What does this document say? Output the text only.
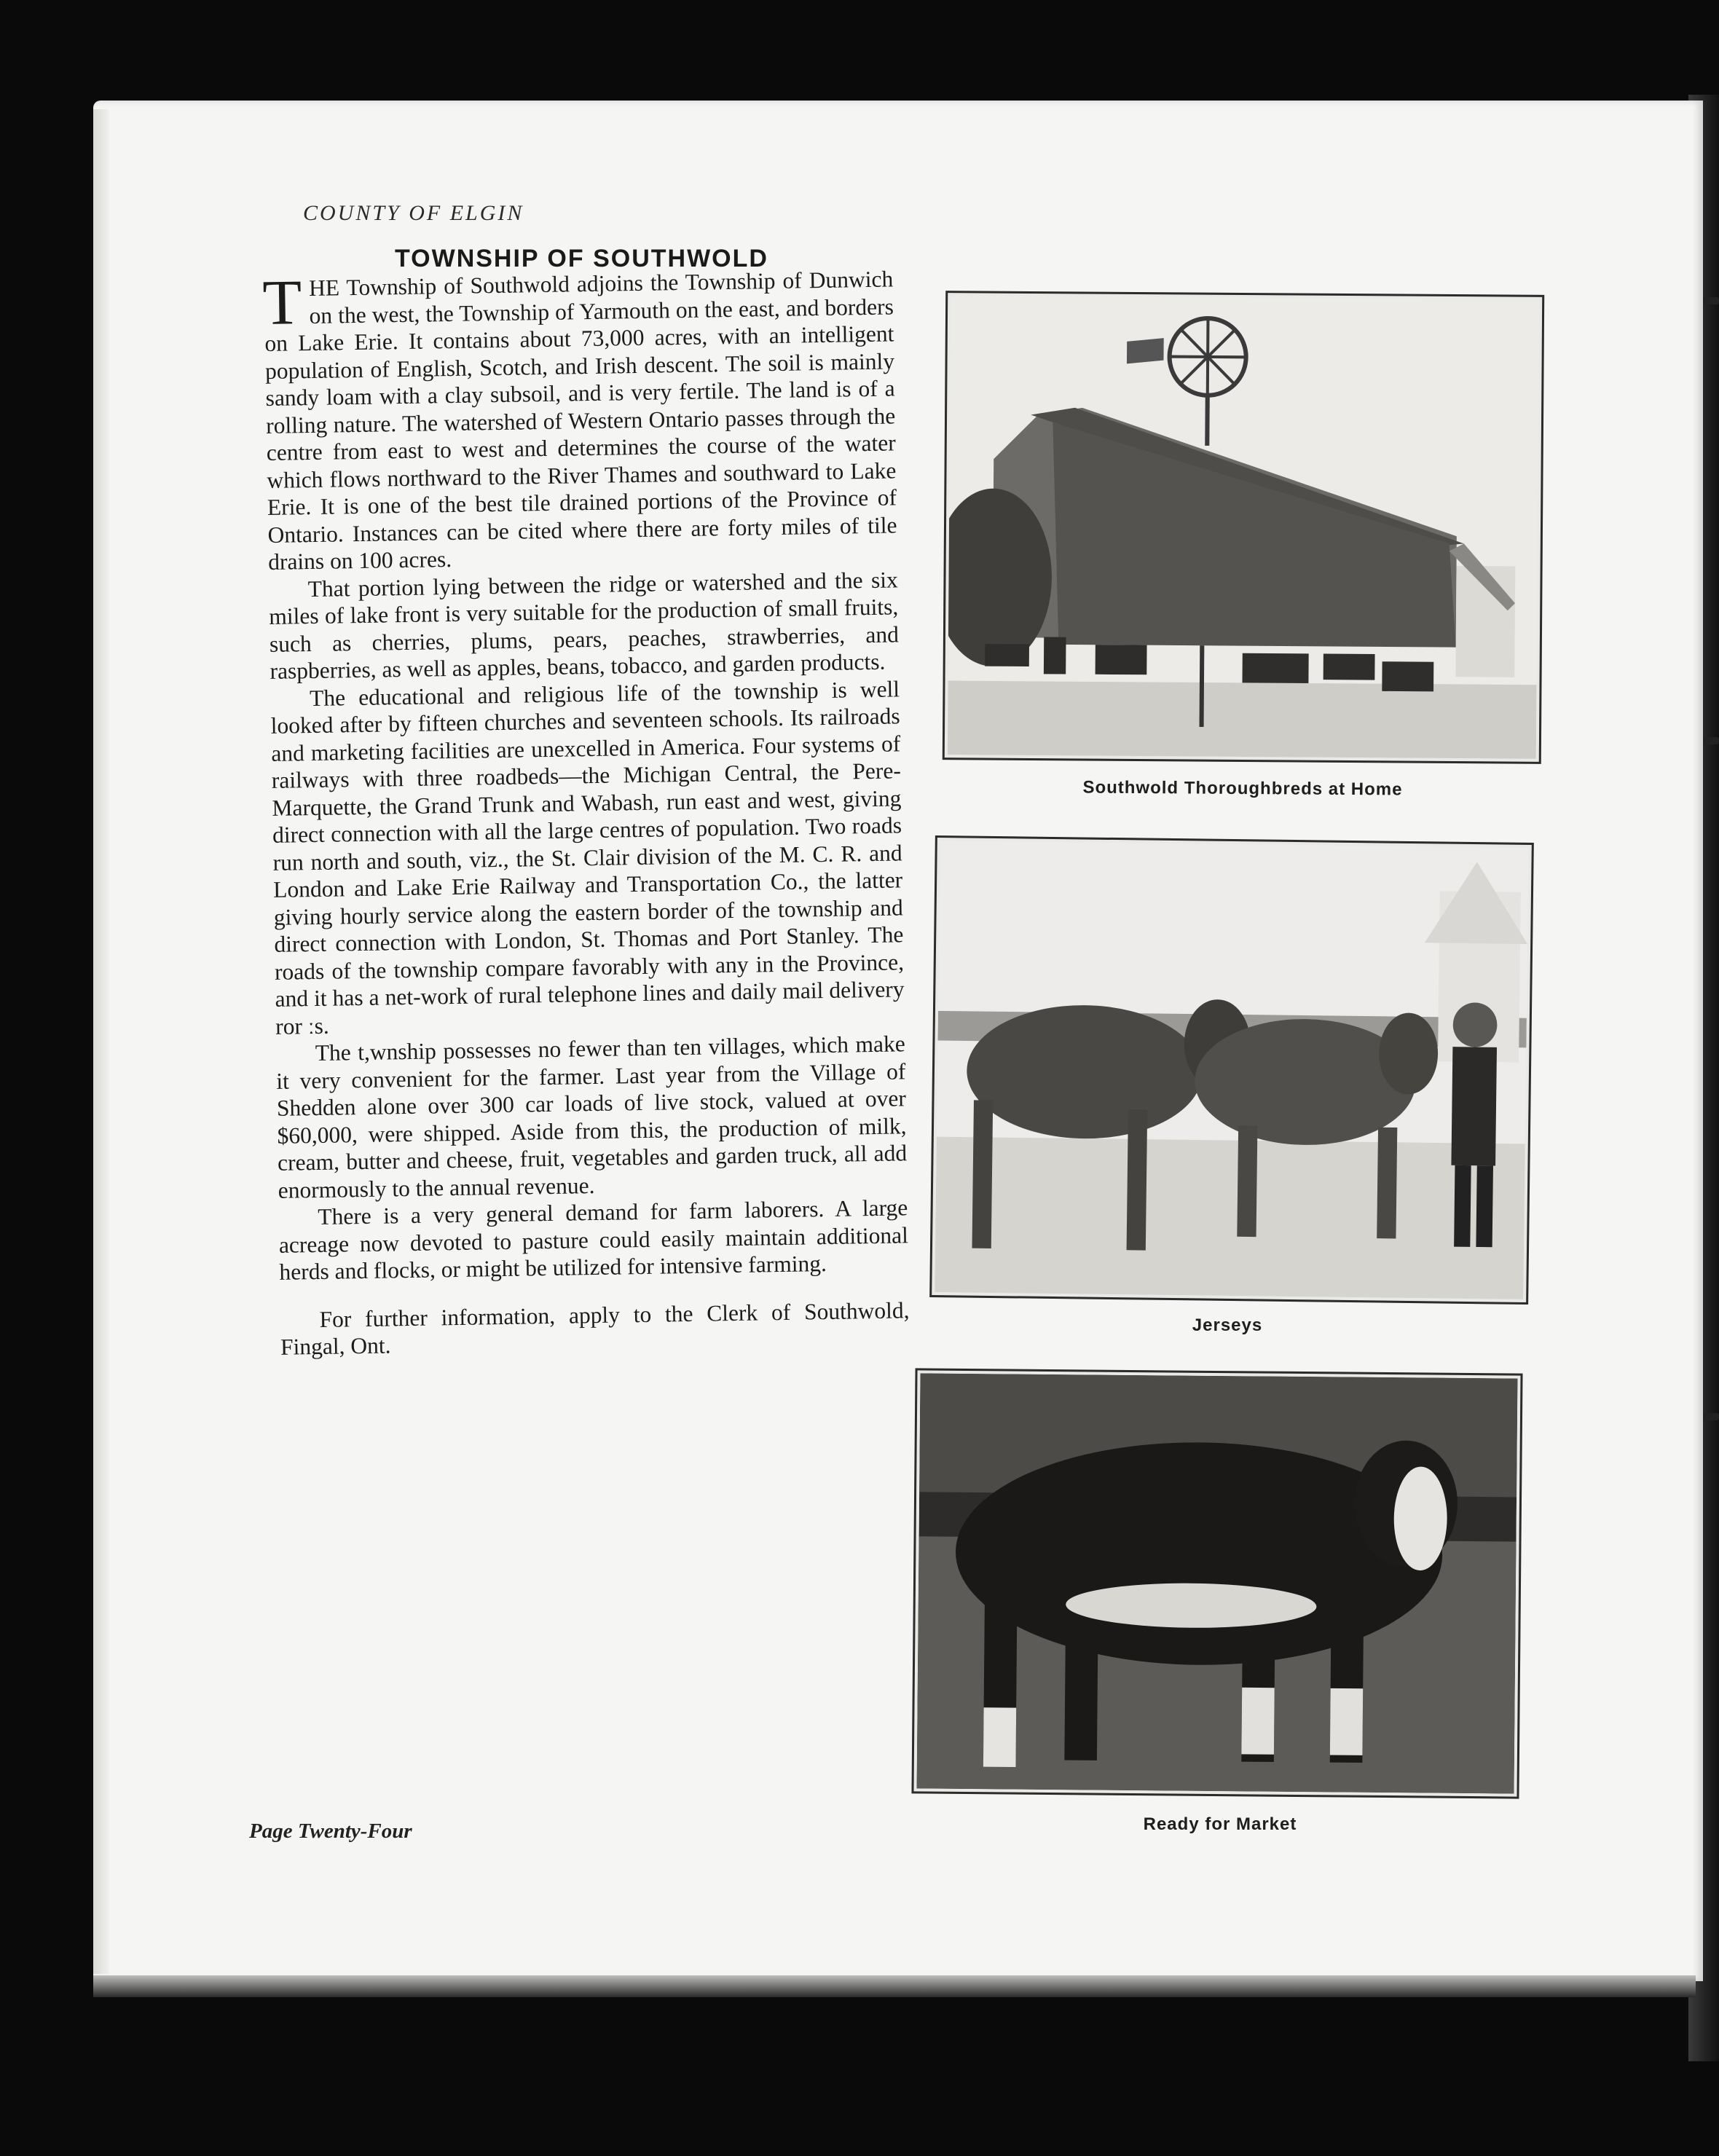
COUNTY OF ELGIN

TOWNSHIP OF SOUTHWOLD

THE Township of Southwold adjoins the Township of Dunwich on the west, the Township of Yarmouth on the east, and borders on Lake Erie. It contains about 73,000 acres, with an intelligent population of English, Scotch, and Irish descent. The soil is mainly sandy loam with a clay subsoil, and is very fertile. The land is of a rolling nature. The watershed of Western Ontario passes through the centre from east to west and determines the course of the water which flows northward to the River Thames and southward to Lake Erie. It is one of the best tile drained portions of the Province of Ontario. Instances can be cited where there are forty miles of tile drains on 100 acres.

That portion lying between the ridge or watershed and the six miles of lake front is very suitable for the production of small fruits, such as cherries, plums, pears, peaches, strawberries, and raspberries, as well as apples, beans, tobacco, and garden products.

The educational and religious life of the township is well looked after by fifteen churches and seventeen schools. Its railroads and marketing facilities are unexcelled in America. Four systems of railways with three roadbeds—the Michigan Central, the Pere-Marquette, the Grand Trunk and Wabash, run east and west, giving direct connection with all the large centres of population. Two roads run north and south, viz., the St. Clair division of the M. C. R. and London and Lake Erie Railway and Transportation Co., the latter giving hourly service along the eastern border of the township and direct connection with London, St. Thomas and Port Stanley. The roads of the township compare favorably with any in the Province, and it has a net-work of rural telephone lines and daily mail delivery ror ːs.

The t,wnship possesses no fewer than ten villages, which make it very convenient for the farmer. Last year from the Village of Shedden alone over 300 car loads of live stock, valued at over $60,000, were shipped. Aside from this, the production of milk, cream, butter and cheese, fruit, vegetables and garden truck, all add enormously to the annual revenue.

There is a very general demand for farm laborers. A large acreage now devoted to pasture could easily maintain additional herds and flocks, or might be utilized for intensive farming.

For further information, apply to the Clerk of Southwold, Fingal, Ont.

Page Twenty-Four

Southwold Thoroughbreds at Home

Jerseys

Ready for Market
